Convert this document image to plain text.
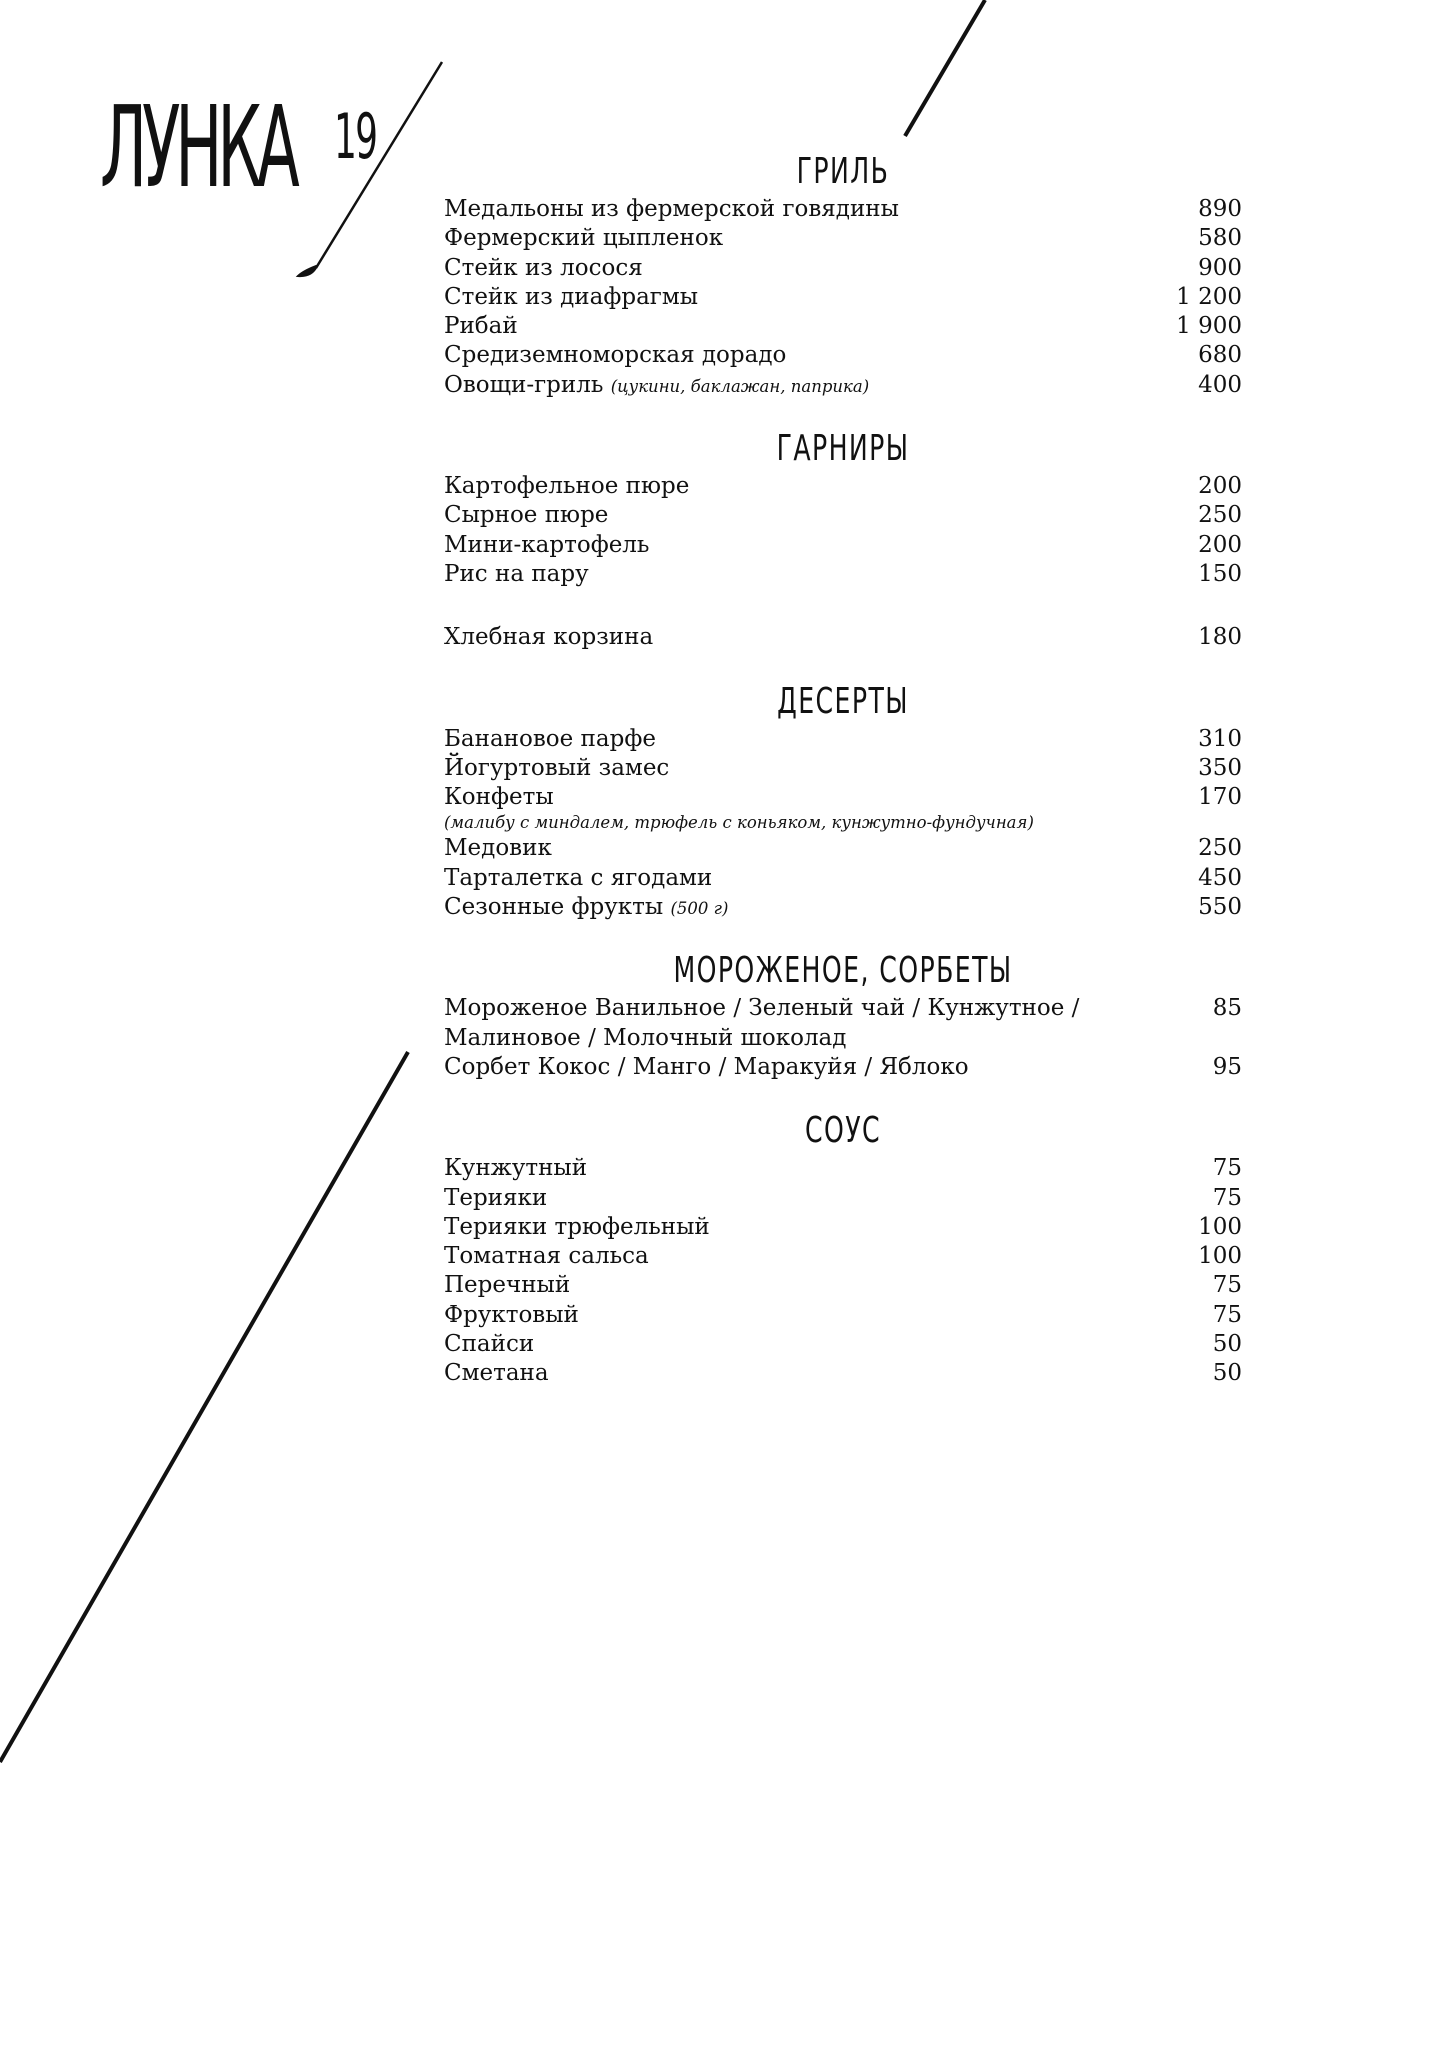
ЛУНКА 19	ГРИЛЬ
Медальоны из фермерской говядины	890
Фермерский цыпленок	580
Стейк из лосося	900
Стейк из диафрагмы	1 200
Рибай	1 900
Средиземноморская дорадо	680
Овощи-гриль (цукини, баклажан, паприка)	400
ГАРНИРЫ
Картофельное пюре	200
Сырное пюре	250
Мини-картофель	200
Рис на пару	150
Хлебная корзина	180
ДЕСЕРТЫ
Банановое парфе	310
Йогуртовый замес	350
Конфеты	170
(малибу с миндалем, трюфель с коньяком, кунжутно-фундучная)
Медовик	250
Тарталетка с ягодами	450
Сезонные фрукты (500 г)	550
МОРОЖЕНОЕ, СОРБЕТЫ
Мороженое Ванильное / Зеленый чай / Кунжутное /	85
Малиновое / Молочный шоколад
Сорбет Кокос / Манго / Маракуйя / Яблоко	95
СОУС
Кунжутный	75
Терияки	75
Терияки трюфельный	100
Томатная сальса	100
Перечный	75
Фруктовый	75
Спайси	50
Сметана	50
